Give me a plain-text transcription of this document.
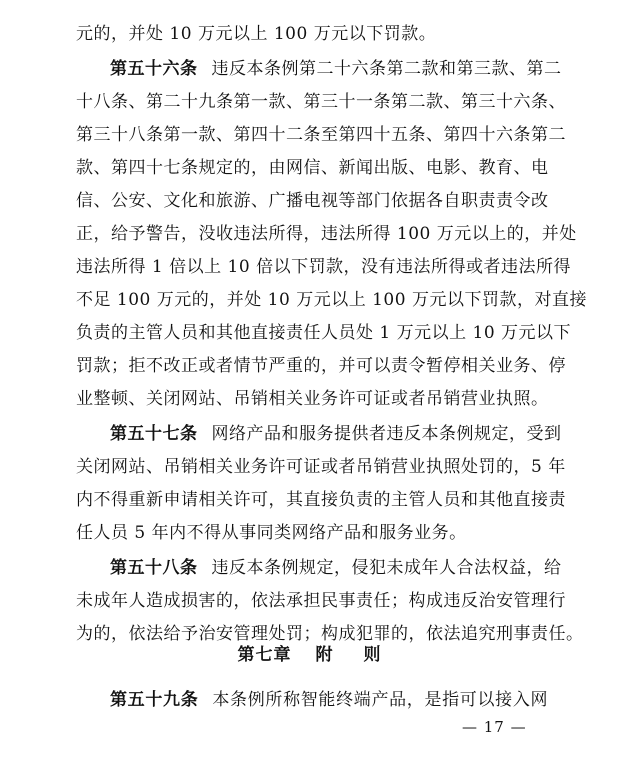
元的，并处 10 万元以上 100 万元以下罚款。
第五十六条 违反本条例第二十六条第二款和第三款、第二
十八条、第二十九条第一款、第三十一条第二款、第三十六条、
第三十八条第一款、第四十二条至第四十五条、第四十六条第二
款、第四十七条规定的，由网信、新闻出版、电影、教育、电
信、公安、文化和旅游、广播电视等部门依据各自职责责令改
正，给予警告，没收违法所得，违法所得 100 万元以上的，并处
违法所得 1 倍以上 10 倍以下罚款，没有违法所得或者违法所得
不足 100 万元的，并处 10 万元以上 100 万元以下罚款，对直接
负责的主管人员和其他直接责任人员处 1 万元以上 10 万元以下
罚款；拒不改正或者情节严重的，并可以责令暂停相关业务、停
业整顿、关闭网站、吊销相关业务许可证或者吊销营业执照。
第五十七条 网络产品和服务提供者违反本条例规定，受到
关闭网站、吊销相关业务许可证或者吊销营业执照处罚的，5 年
内不得重新申请相关许可，其直接负责的主管人员和其他直接责
任人员 5 年内不得从事同类网络产品和服务业务。
第五十八条 违反本条例规定，侵犯未成年人合法权益，给
未成年人造成损害的，依法承担民事责任；构成违反治安管理行
为的，依法给予治安管理处罚；构成犯罪的，依法追究刑事责任。
第七章 附 则
第五十九条 本条例所称智能终端产品，是指可以接入网
— 17 —
